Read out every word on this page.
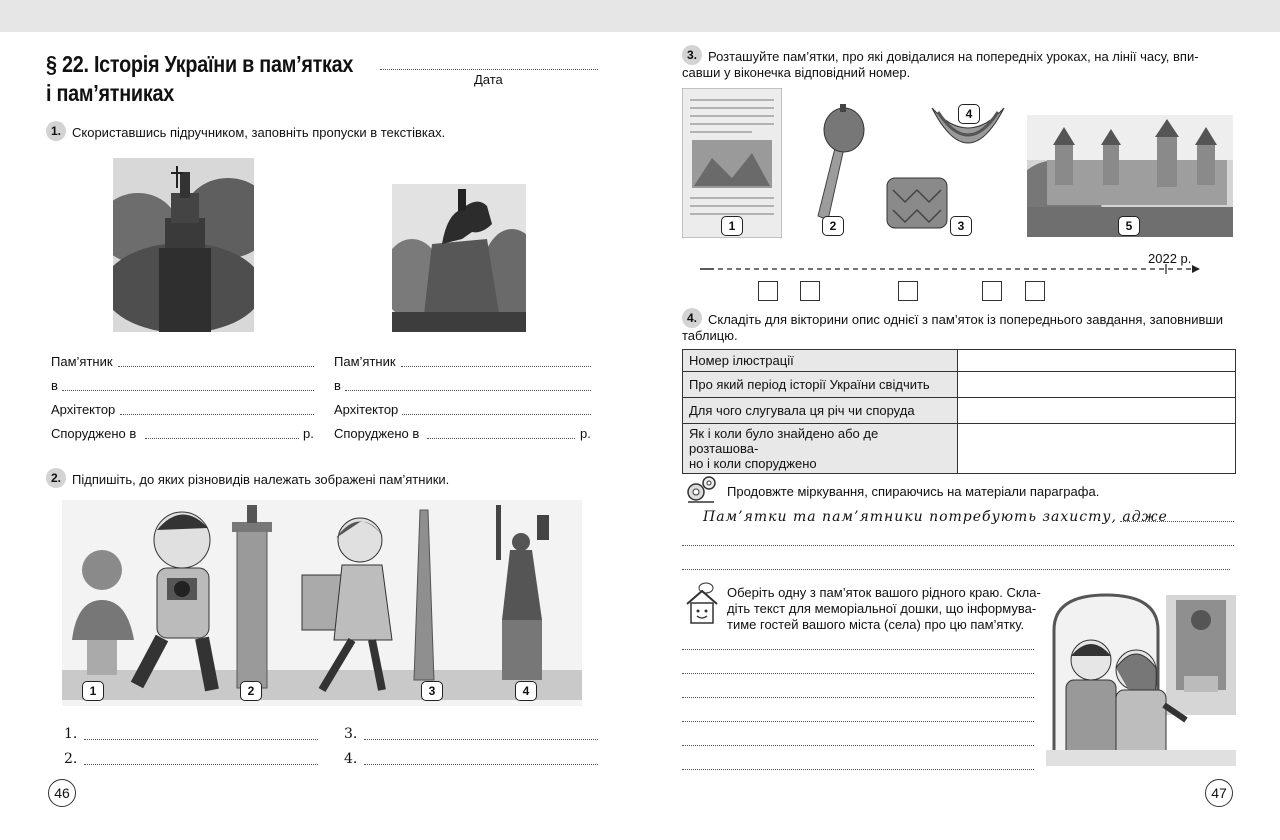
§ 22. Історія України в пам’ятках
і пам’ятниках
Дата
1. Скориставшись підручником, заповніть пропуски в текстівках.
Пам’ятник
в
Архітектор
Споруджено в	р.
Пам’ятник
в
Архітектор
Споруджено в	р.
2. Підпишіть, до яких різновидів належать зображені пам’ятники.
1	2	3	4
1.
2.
3.
4.
46
3. Розташуйте пам’ятки, про які довідалися на попередніх уроках, на лінії часу, впи-
савши у віконечка відповідний номер.
1	2	3
4
5
2022 р.
4. Складіть для вікторини опис однієї з пам’яток із попереднього завдання, заповнивши
таблицю.
Номер ілюстрації	
Про який період історії України свідчить	
Для чого слугувала ця річ чи споруда	
Як і коли було знайдено або де розташова-
но і коли споруджено	
Продовжте міркування, спираючись на матеріали параграфа.
Пам’ятки та пам’ятники потребують захисту, адже
Оберіть одну з пам’яток вашого рідного краю. Скла-
діть текст для меморіальної дошки, що інформува-
тиме гостей вашого міста (села) про цю пам’ятку.
47
